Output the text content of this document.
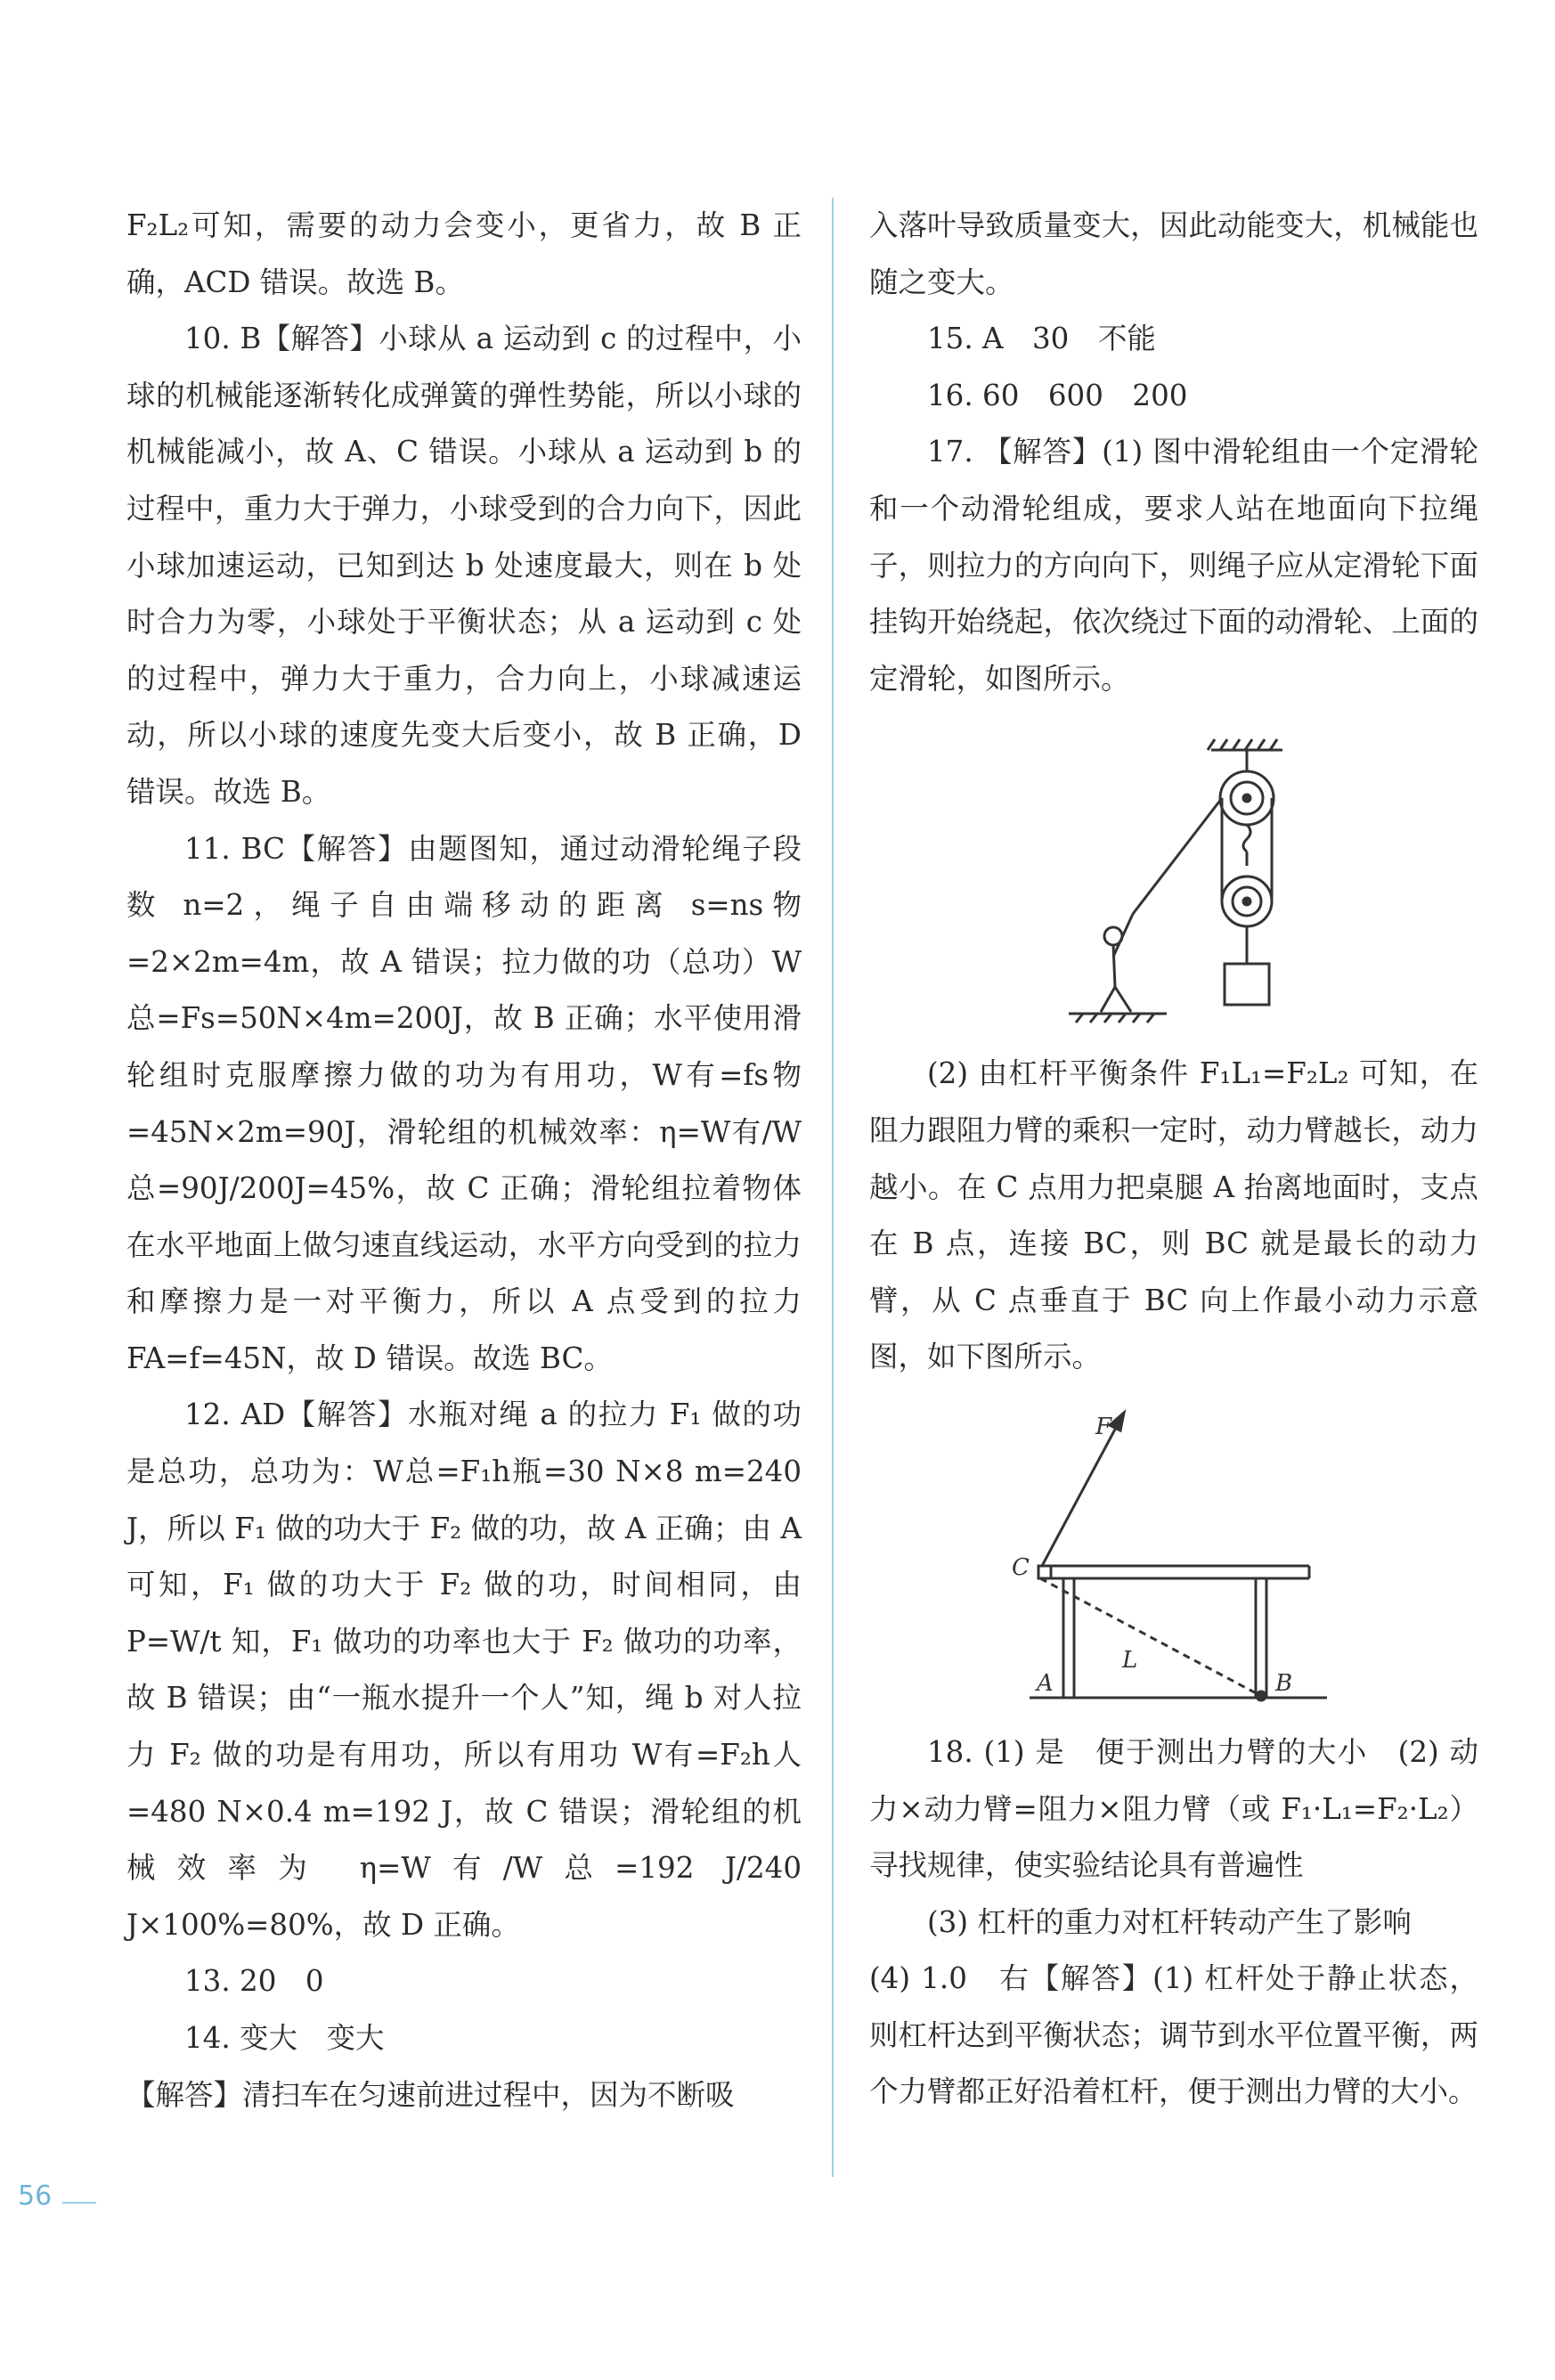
F₂L₂可知，需要的动力会变小，更省力，故 B 正确，ACD 错误。故选 B。

10. B【解答】小球从 a 运动到 c 的过程中，小球的机械能逐渐转化成弹簧的弹性势能，所以小球的机械能减小，故 A、C 错误。小球从 a 运动到 b 的过程中，重力大于弹力，小球受到的合力向下，因此小球加速运动，已知到达 b 处速度最大，则在 b 处时合力为零，小球处于平衡状态；从 a 运动到 c 处的过程中，弹力大于重力，合力向上，小球减速运动，所以小球的速度先变大后变小，故 B 正确，D 错误。故选 B。

11. BC【解答】由题图知，通过动滑轮绳子段数 n=2，绳子自由端移动的距离 s=ns物=2×2m=4m，故 A 错误；拉力做的功（总功）W总=Fs=50N×4m=200J，故 B 正确；水平使用滑轮组时克服摩擦力做的功为有用功，W有=fs物=45N×2m=90J，滑轮组的机械效率：η=W有/W总=90J/200J=45%，故 C 正确；滑轮组拉着物体在水平地面上做匀速直线运动，水平方向受到的拉力和摩擦力是一对平衡力，所以 A 点受到的拉力 FA=f=45N，故 D 错误。故选 BC。

12. AD【解答】水瓶对绳 a 的拉力 F₁ 做的功是总功，总功为：W总=F₁h瓶=30 N×8 m=240 J，所以 F₁ 做的功大于 F₂ 做的功，故 A 正确；由 A 可知，F₁ 做的功大于 F₂ 做的功，时间相同，由 P=W/t 知，F₁ 做功的功率也大于 F₂ 做功的功率，故 B 错误；由“一瓶水提升一个人”知，绳 b 对人拉力 F₂ 做的功是有用功，所以有用功 W有=F₂h人=480 N×0.4 m=192 J，故 C 错误；滑轮组的机械效率为 η=W有/W总=192 J/240 J×100%=80%，故 D 正确。

13. 20　0

14. 变大　变大

【解答】清扫车在匀速前进过程中，因为不断吸

入落叶导致质量变大，因此动能变大，机械能也随之变大。

15. A　30　不能

16. 60　600　200

17. 【解答】(1) 图中滑轮组由一个定滑轮和一个动滑轮组成，要求人站在地面向下拉绳子，则拉力的方向向下，则绳子应从定滑轮下面挂钩开始绕起，依次绕过下面的动滑轮、上面的定滑轮，如图所示。

(2) 由杠杆平衡条件 F₁L₁=F₂L₂ 可知，在阻力跟阻力臂的乘积一定时，动力臂越长，动力越小。在 C 点用力把桌腿 A 抬离地面时，支点在 B 点，连接 BC，则 BC 就是最长的动力臂，从 C 点垂直于 BC 向上作最小动力示意图，如下图所示。

18. (1) 是　便于测出力臂的大小　(2) 动力×动力臂=阻力×阻力臂（或 F₁·L₁=F₂·L₂）寻找规律，使实验结论具有普遍性

(3) 杠杆的重力对杠杆转动产生了影响

(4) 1.0　右【解答】(1) 杠杆处于静止状态，则杠杆达到平衡状态；调节到水平位置平衡，两个力臂都正好沿着杠杆，便于测出力臂的大小。

F
C
A	B
L
56
